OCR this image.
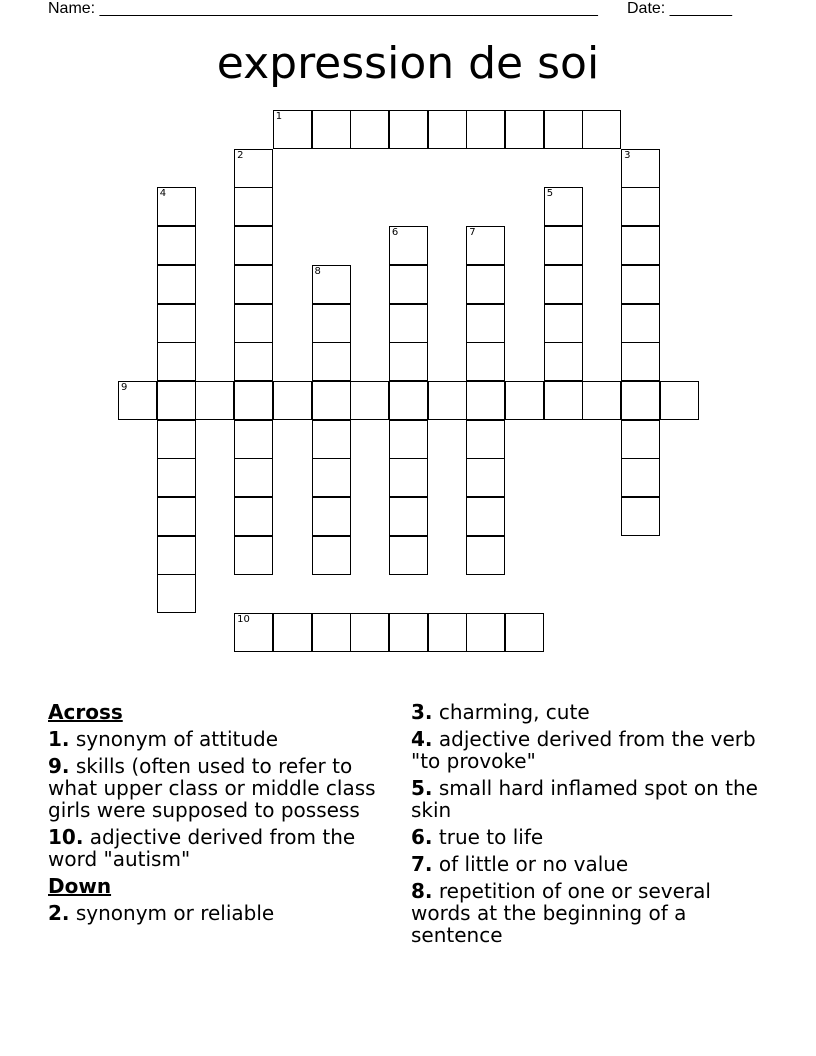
Name: ________________________________________________________ Date: _______
expression de soi
1
2	3
4	5
6	7
8
9
10
Across
1. synonym of attitude
9. skills (often used to refer to what upper class or middle class girls were supposed to possess
10. adjective derived from the word "autism"
Down
2. synonym or reliable
3. charming, cute
4. adjective derived from the verb "to provoke"
5. small hard inflamed spot on the skin
6. true to life
7. of little or no value
8. repetition of one or several words at the beginning of a sentence
